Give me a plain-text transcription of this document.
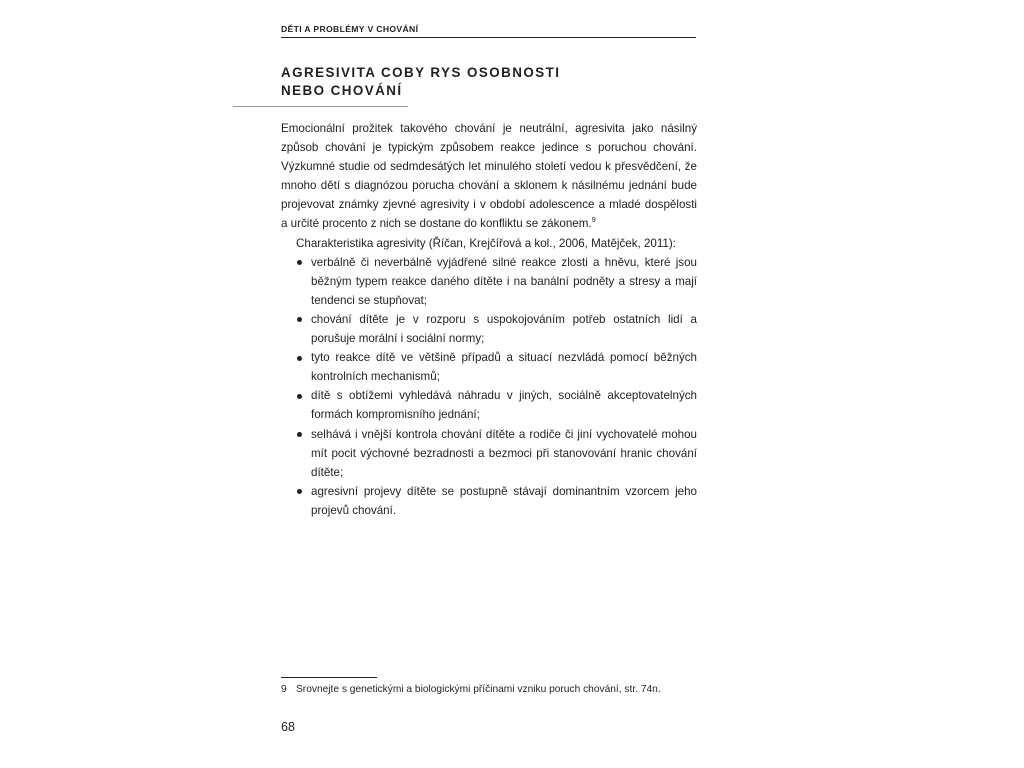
DĚTI A PROBLÉMY V CHOVÁNÍ
AGRESIVITA COBY RYS OSOBNOSTI
NEBO CHOVÁNÍ

Emocionální prožitek takového chování je neutrální, agresivita jako násilný způsob chování je typickým způsobem reakce jedince s poruchou chování. Výzkumné studie od sedmdesátých let minulého století vedou k přesvědčení, že mnoho dětí s diagnózou porucha chování a sklonem k násilnému jednání bude projevovat známky zjevné agresivity i v období adolescence a mladé dospělosti a určité procento z nich se dostane do konfliktu se zákonem.$^9$

Charakteristika agresivity (Říčan, Krejčířová a kol., 2006, Matějček, 2011):

verbálně či neverbálně vyjádřené silné reakce zlosti a hněvu, které jsou běžným typem reakce daného dítěte i na banální podněty a stresy a mají tendenci se stupňovat;
chování dítěte je v rozporu s uspokojováním potřeb ostatních lidí a porušuje morální i sociální normy;
tyto reakce dítě ve většině případů a situací nezvládá pomocí běžných kontrolních mechanismů;
dítě s obtížemi vyhledává náhradu v jiných, sociálně akceptovatelných formách kompromisního jednání;
selhává i vnější kontrola chování dítěte a rodiče či jiní vychovatelé mohou mít pocit výchovné bezradnosti a bezmoci při stanovování hranic chování dítěte;
agresivní projevy dítěte se postupně stávají dominantním vzorcem jeho projevů chování.
9 Srovnejte s genetickými a biologickými příčinami vzniku poruch chování, str. 74n.
68
